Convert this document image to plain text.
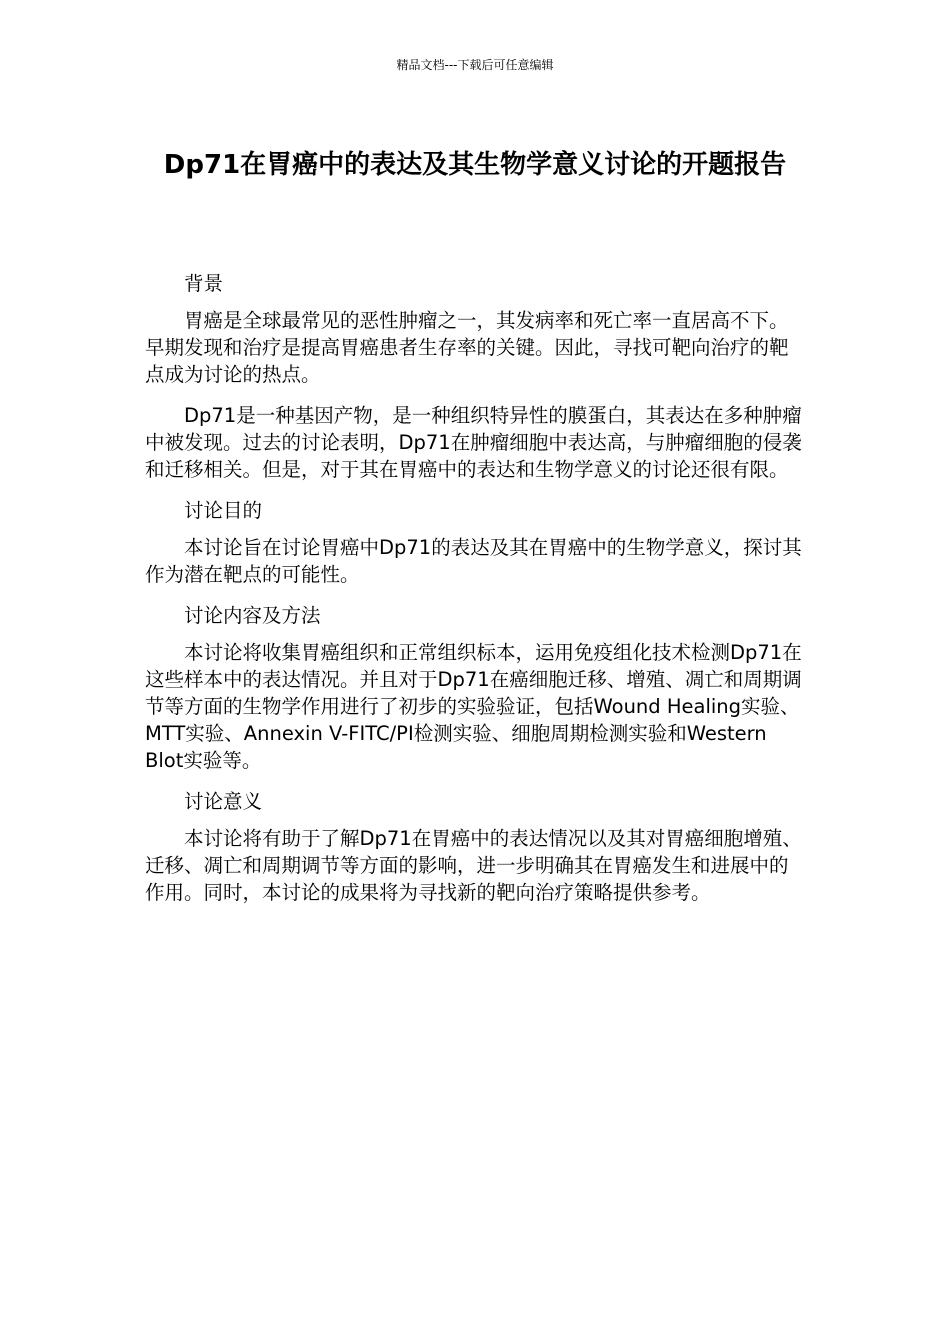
精品文档---下载后可任意编辑
Dp71在胃癌中的表达及其生物学意义讨论的开题报告

背景

胃癌是全球最常见的恶性肿瘤之一，其发病率和死亡率一直居高不下。早期发现和治疗是提高胃癌患者生存率的关键。因此，寻找可靶向治疗的靶点成为讨论的热点。

Dp71是一种基因产物，是一种组织特异性的膜蛋白，其表达在多种肿瘤中被发现。过去的讨论表明，Dp71在肿瘤细胞中表达高，与肿瘤细胞的侵袭和迁移相关。但是，对于其在胃癌中的表达和生物学意义的讨论还很有限。

讨论目的

本讨论旨在讨论胃癌中Dp71的表达及其在胃癌中的生物学意义，探讨其作为潜在靶点的可能性。

讨论内容及方法

本讨论将收集胃癌组织和正常组织标本，运用免疫组化技术检测Dp71在这些样本中的表达情况。并且对于Dp71在癌细胞迁移、增殖、凋亡和周期调节等方面的生物学作用进行了初步的实验验证，包括Wound Healing实验、MTT实验、Annexin V-FITC/PI检测实验、细胞周期检测实验和Western Blot实验等。

讨论意义

本讨论将有助于了解Dp71在胃癌中的表达情况以及其对胃癌细胞增殖、迁移、凋亡和周期调节等方面的影响，进一步明确其在胃癌发生和进展中的作用。同时，本讨论的成果将为寻找新的靶向治疗策略提供参考。
